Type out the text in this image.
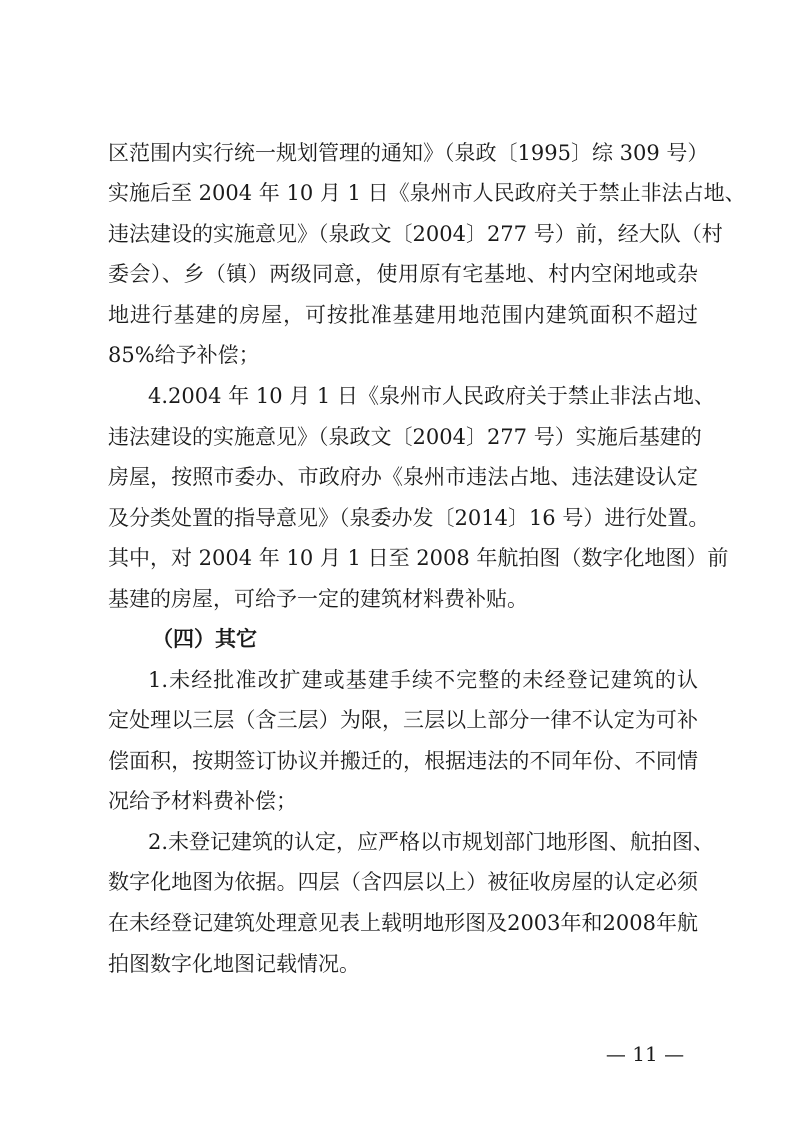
区范围内实行统一规划管理的通知》（泉政〔1995〕综 309 号）
实施后至 2004 年 10 月 1 日《泉州市人民政府关于禁止非法占地、
违法建设的实施意见》（泉政文〔2004〕277 号）前，经大队（村
委会）、乡（镇）两级同意，使用原有宅基地、村内空闲地或杂
地进行基建的房屋，可按批准基建用地范围内建筑面积不超过
85%给予补偿；
4.2004 年 10 月 1 日《泉州市人民政府关于禁止非法占地、
违法建设的实施意见》（泉政文〔2004〕277 号）实施后基建的
房屋，按照市委办、市政府办《泉州市违法占地、违法建设认定
及分类处置的指导意见》（泉委办发〔2014〕16 号）进行处置。
其中，对 2004 年 10 月 1 日至 2008 年航拍图（数字化地图）前
基建的房屋，可给予一定的建筑材料费补贴。
（四）其它
1.未经批准改扩建或基建手续不完整的未经登记建筑的认
定处理以三层（含三层）为限，三层以上部分一律不认定为可补
偿面积，按期签订协议并搬迁的，根据违法的不同年份、不同情
况给予材料费补偿；
2.未登记建筑的认定，应严格以市规划部门地形图、航拍图、
数字化地图为依据。四层（含四层以上）被征收房屋的认定必须
在未经登记建筑处理意见表上载明地形图及2003年和2008年航
拍图数字化地图记载情况。
— 11 —
